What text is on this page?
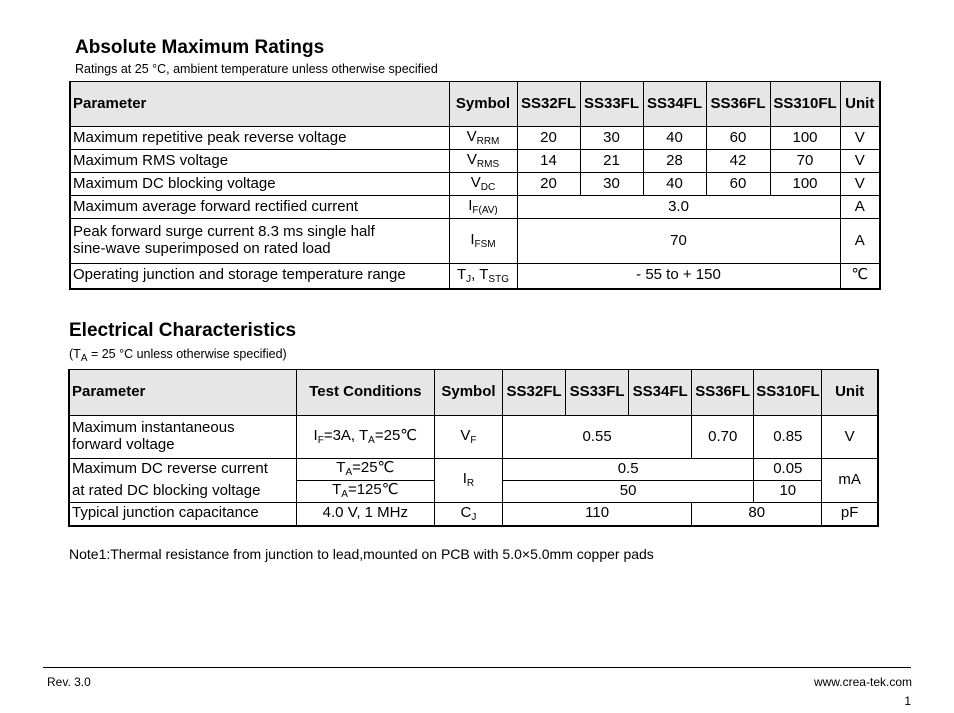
Absolute Maximum Ratings
Ratings at 25 °C, ambient temperature unless otherwise specified
Parameter	Symbol	SS32FL	SS33FL	SS34FL	SS36FL	SS310FL	Unit
Maximum repetitive peak reverse voltage	$V_{RRM}$	20	30	40	60	100	V
Maximum RMS voltage	$V_{RMS}$	14	21	28	42	70	V
Maximum DC blocking voltage	$V_{DC}$	20	30	40	60	100	V
Maximum average forward rectified current	$I_{F(AV)}$	3.0					A
Peak forward surge current 8.3 ms single half
sine-wave superimposed on rated load	$I_{FSM}$	70					A
Operating junction and storage temperature range	$T_J$, $T_{STG}$	- 55 to + 150					℃
Electrical Characteristics
($T_A = 25$ °C unless otherwise specified)
Parameter	Test Conditions	Symbol	SS32FL	SS33FL	SS34FL	SS36FL	SS310FL	Unit
Maximum instantaneous
forward voltage	$I_F=3A$, $T_A=25℃$	$V_F$	0.55			0.70	0.85	V
Maximum DC reverse current	$T_A=25℃$	$I_R$	0.5				0.05	mA
at rated DC blocking voltage	$T_A=125℃$		50				10	
Typical junction capacitance	4.0 V, 1 MHz	$C_J$	110			80		pF
Note1:Thermal resistance from junction to lead,mounted on PCB with 5.0×5.0mm copper pads
Rev. 3.0	www.crea-tek.com
1
